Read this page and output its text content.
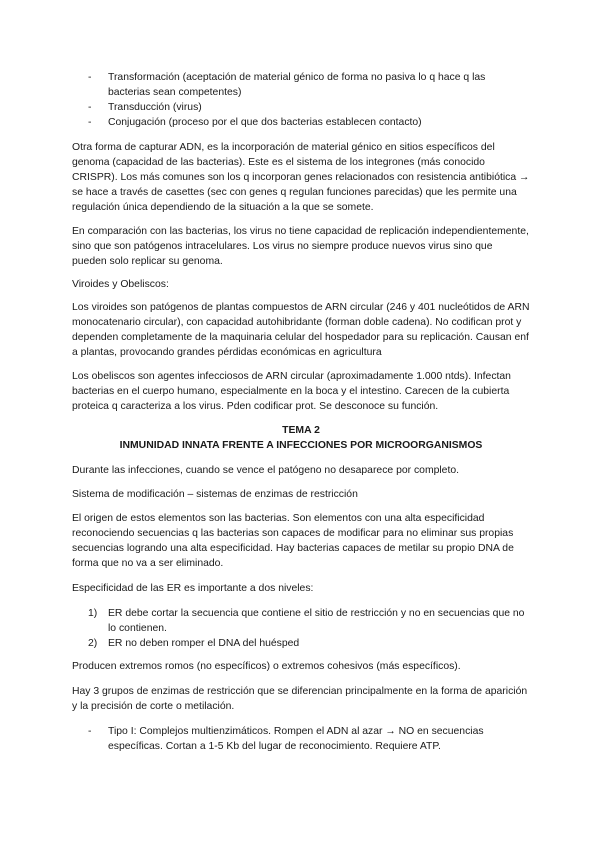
- Transformación (aceptación de material génico de forma no pasiva lo q hace q las bacterias sean competentes)
- Transducción (virus)
- Conjugación (proceso por el que dos bacterias establecen contacto)

Otra forma de capturar ADN, es la incorporación de material génico en sitios específicos del genoma (capacidad de las bacterias). Este es el sistema de los integrones (más conocido CRISPR). Los más comunes son los q incorporan genes relacionados con resistencia antibiótica → se hace a través de casettes (sec con genes q regulan funciones parecidas) que les permite una regulación única dependiendo de la situación a la que se somete.

En comparación con las bacterias, los virus no tiene capacidad de replicación independientemente, sino que son patógenos intracelulares. Los virus no siempre produce nuevos virus sino que pueden solo replicar su genoma.

Viroides y Obeliscos:

Los viroides son patógenos de plantas compuestos de ARN circular (246 y 401 nucleótidos de ARN monocatenario circular), con capacidad autohibridante (forman doble cadena). No codifican prot y dependen completamente de la maquinaria celular del hospedador para su replicación. Causan enf a plantas, provocando grandes pérdidas económicas en agricultura

Los obeliscos son agentes infecciosos de ARN circular (aproximadamente 1.000 ntds). Infectan bacterias en el cuerpo humano, especialmente en la boca y el intestino. Carecen de la cubierta proteica q caracteriza a los virus. Pden codificar prot. Se desconoce su función.

TEMA 2

INMUNIDAD INNATA FRENTE A INFECCIONES POR MICROORGANISMOS

Durante las infecciones, cuando se vence el patógeno no desaparece por completo.

Sistema de modificación – sistemas de enzimas de restricción

El origen de estos elementos son las bacterias. Son elementos con una alta especificidad reconociendo secuencias q las bacterias son capaces de modificar para no eliminar sus propias secuencias logrando una alta especificidad. Hay bacterias capaces de metilar su propio DNA de forma que no va a ser eliminado.

Especificidad de las ER es importante a dos niveles:

1) ER debe cortar la secuencia que contiene el sitio de restricción y no en secuencias que no lo contienen.
2) ER no deben romper el DNA del huésped

Producen extremos romos (no específicos) o extremos cohesivos (más específicos).

Hay 3 grupos de enzimas de restricción que se diferencian principalmente en la forma de aparición y la precisión de corte o metilación.

- Tipo I: Complejos multienzimáticos. Rompen el ADN al azar → NO en secuencias específicas. Cortan a 1-5 Kb del lugar de reconocimiento. Requiere ATP.
